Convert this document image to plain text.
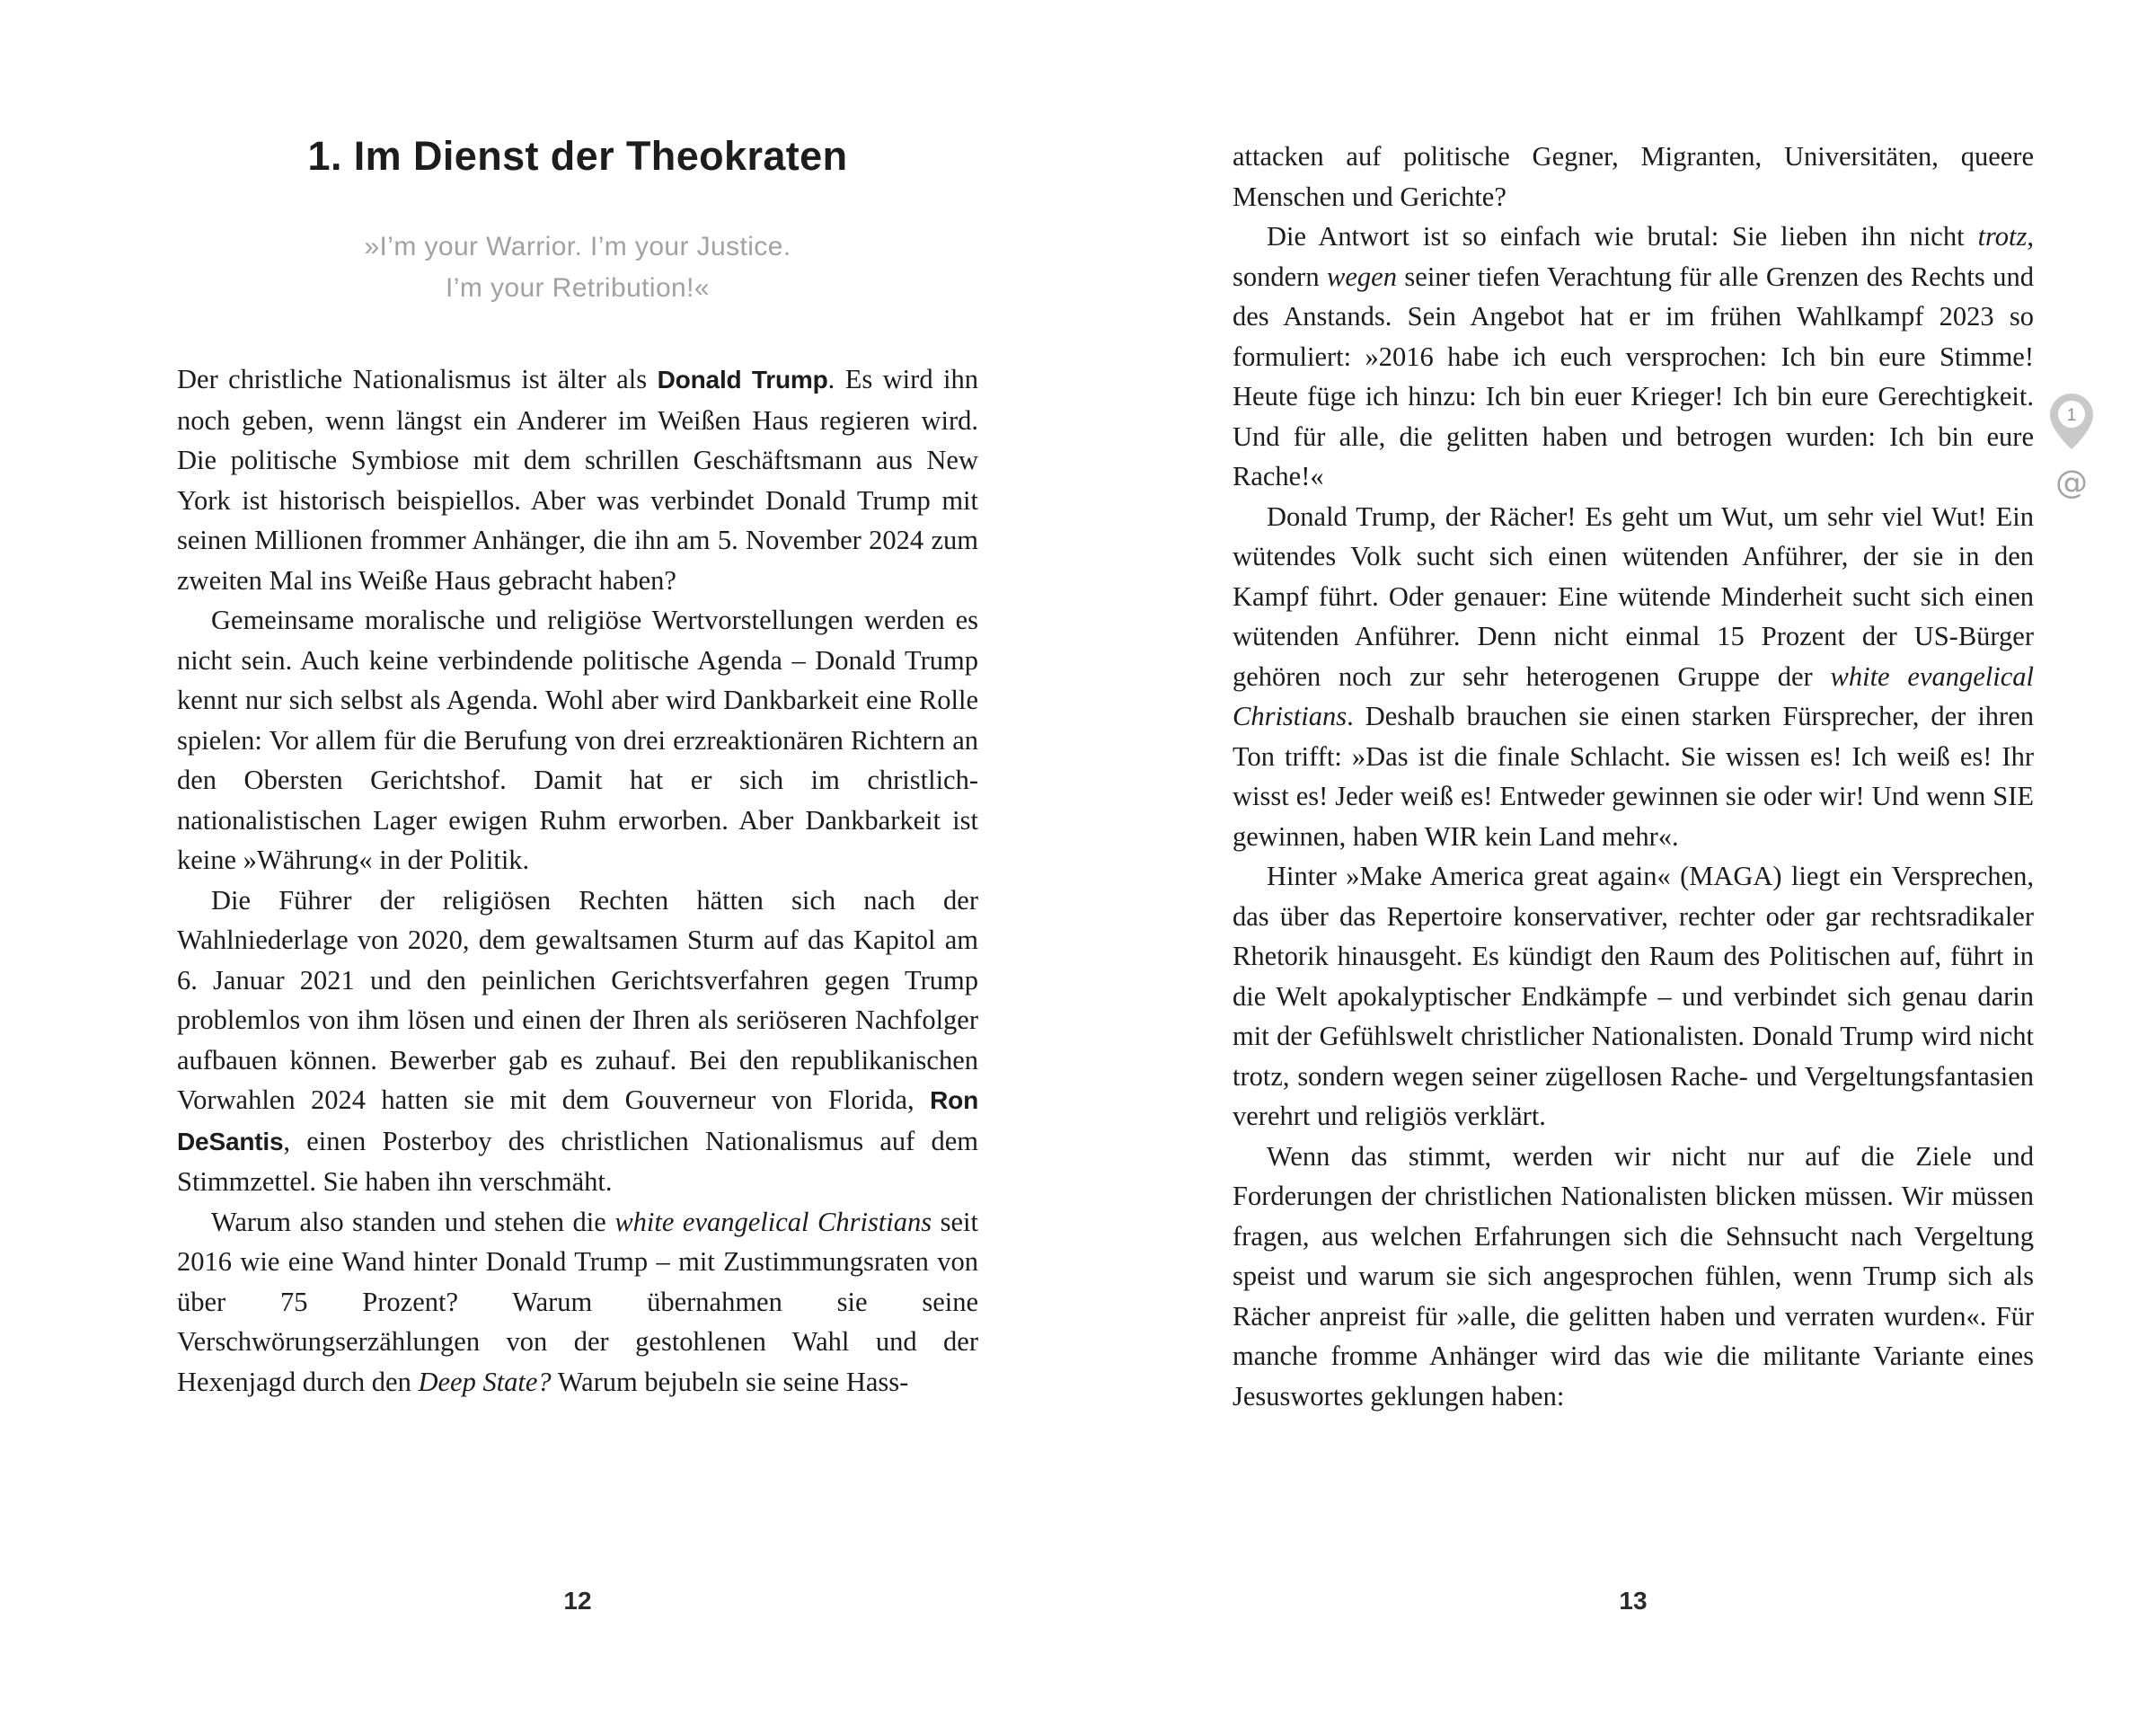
1. Im Dienst der Theokraten
»I’m your Warrior. I’m your Justice.
I’m your Retribution!«

Der christliche Nationalismus ist älter als Donald Trump. Es wird ihn noch geben, wenn längst ein Anderer im Weißen Haus regieren wird. Die politische Symbiose mit dem schrillen Geschäftsmann aus New York ist historisch beispiellos. Aber was verbindet Donald Trump mit seinen Millionen frommer Anhänger, die ihn am 5. November 2024 zum zweiten Mal ins Weiße Haus gebracht haben?

Gemeinsame moralische und religiöse Wertvorstellungen werden es nicht sein. Auch keine verbindende politische Agenda – Donald Trump kennt nur sich selbst als Agenda. Wohl aber wird Dankbarkeit eine Rolle spielen: Vor allem für die Berufung von drei erzreaktionären Richtern an den Obersten Gerichtshof. Damit hat er sich im christlich-nationalistischen Lager ewigen Ruhm erworben. Aber Dankbarkeit ist keine »Währung« in der Politik.

Die Führer der religiösen Rechten hätten sich nach der Wahlniederlage von 2020, dem gewaltsamen Sturm auf das Kapitol am 6. Januar 2021 und den peinlichen Gerichtsverfahren gegen Trump problemlos von ihm lösen und einen der Ihren als seriöseren Nachfolger aufbauen können. Bewerber gab es zuhauf. Bei den republikanischen Vorwahlen 2024 hatten sie mit dem Gouverneur von Florida, Ron DeSantis, einen Posterboy des christlichen Nationalismus auf dem Stimmzettel. Sie haben ihn verschmäht.

Warum also standen und stehen die white evangelical Christians seit 2016 wie eine Wand hinter Donald Trump – mit Zustimmungsraten von über 75 Prozent? Warum übernahmen sie seine Verschwörungserzählungen von der gestohlenen Wahl und der Hexenjagd durch den Deep State? Warum bejubeln sie seine Hass-

12

attacken auf politische Gegner, Migranten, Universitäten, queere Menschen und Gerichte?

Die Antwort ist so einfach wie brutal: Sie lieben ihn nicht trotz, sondern wegen seiner tiefen Verachtung für alle Grenzen des Rechts und des Anstands. Sein Angebot hat er im frühen Wahlkampf 2023 so formuliert: »2016 habe ich euch versprochen: Ich bin eure Stimme! Heute füge ich hinzu: Ich bin euer Krieger! Ich bin eure Gerechtigkeit. Und für alle, die gelitten haben und betrogen wurden: Ich bin eure Rache!«

Donald Trump, der Rächer! Es geht um Wut, um sehr viel Wut! Ein wütendes Volk sucht sich einen wütenden Anführer, der sie in den Kampf führt. Oder genauer: Eine wütende Minderheit sucht sich einen wütenden Anführer. Denn nicht einmal 15 Prozent der US-Bürger gehören noch zur sehr heterogenen Gruppe der white evangelical Christians. Deshalb brauchen sie einen starken Fürsprecher, der ihren Ton trifft: »Das ist die finale Schlacht. Sie wissen es! Ich weiß es! Ihr wisst es! Jeder weiß es! Entweder gewinnen sie oder wir! Und wenn SIE gewinnen, haben WIR kein Land mehr«.

Hinter »Make America great again« (MAGA) liegt ein Versprechen, das über das Repertoire konservativer, rechter oder gar rechtsradikaler Rhetorik hinausgeht. Es kündigt den Raum des Politischen auf, führt in die Welt apokalyptischer Endkämpfe – und verbindet sich genau darin mit der Gefühlswelt christlicher Nationalisten. Donald Trump wird nicht trotz, sondern wegen seiner zügellosen Rache- und Vergeltungsfantasien verehrt und religiös verklärt.

Wenn das stimmt, werden wir nicht nur auf die Ziele und Forderungen der christlichen Nationalisten blicken müssen. Wir müssen fragen, aus welchen Erfahrungen sich die Sehnsucht nach Vergeltung speist und warum sie sich angesprochen fühlen, wenn Trump sich als Rächer anpreist für »alle, die gelitten haben und verraten wurden«. Für manche fromme Anhänger wird das wie die militante Variante eines Jesuswortes geklungen haben:

13
1
@
